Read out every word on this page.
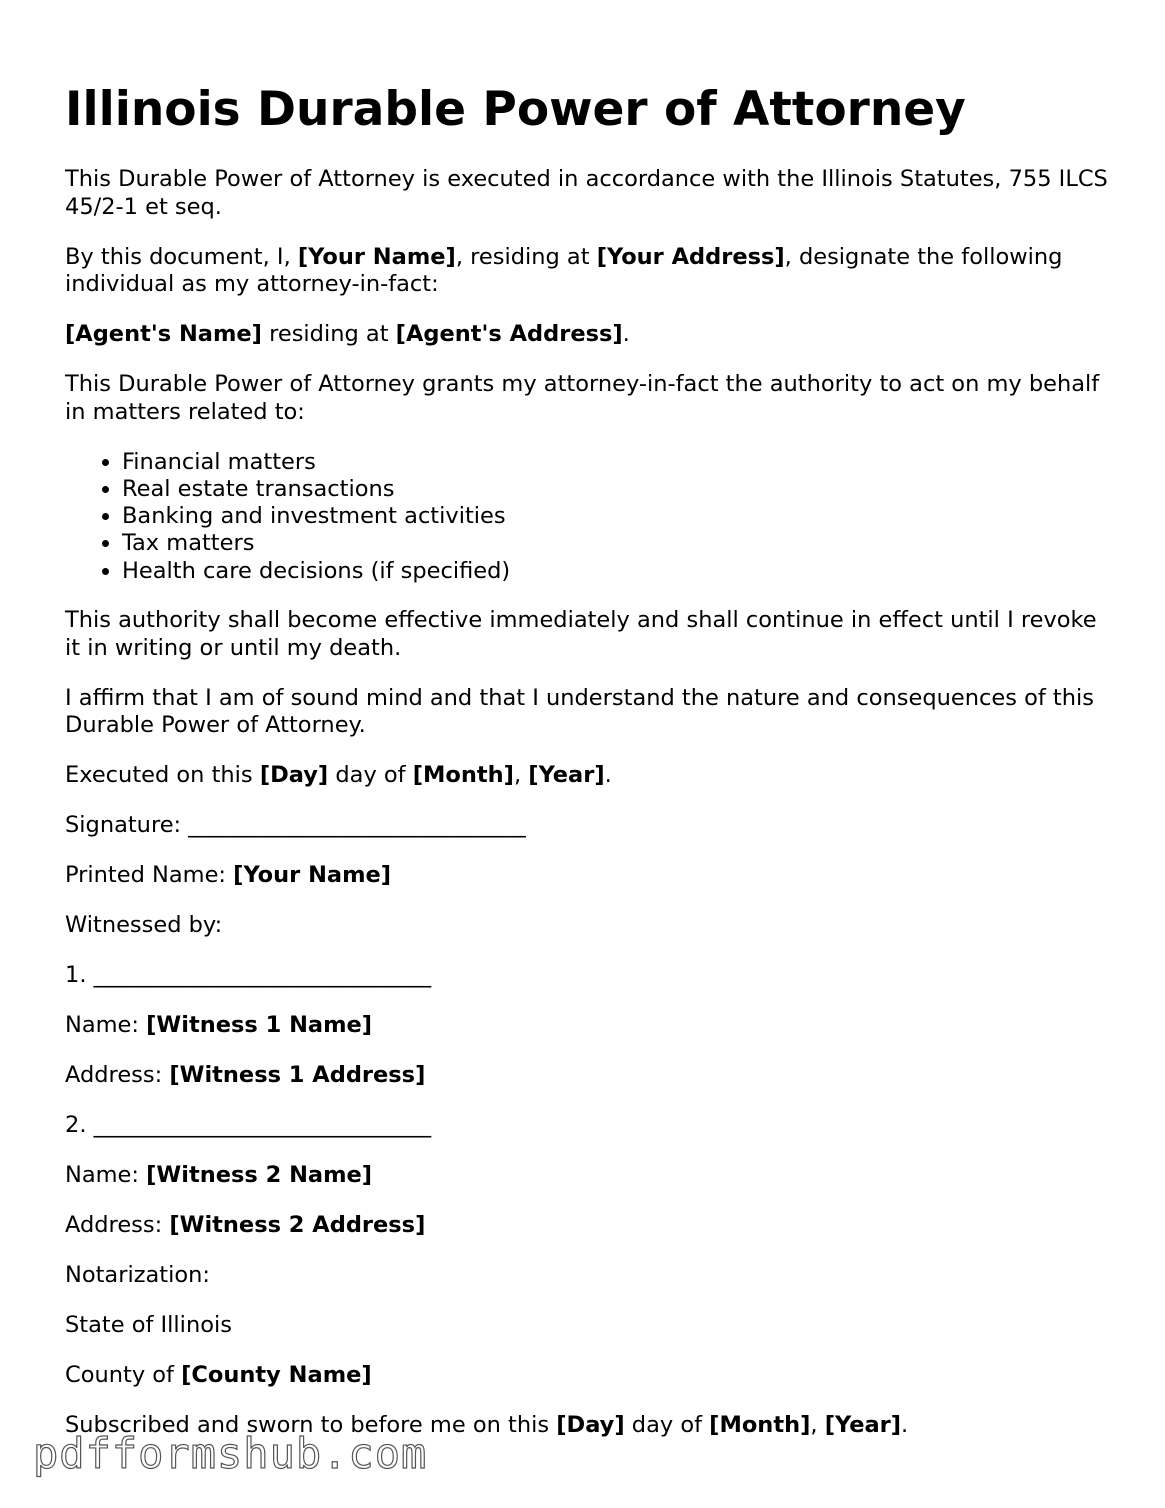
Illinois Durable Power of Attorney

This Durable Power of Attorney is executed in accordance with the Illinois Statutes, 755 ILCS 45/2-1 et seq.

By this document, I, [Your Name], residing at [Your Address], designate the following individual as my attorney-in-fact:

[Agent's Name] residing at [Agent's Address].

This Durable Power of Attorney grants my attorney-in-fact the authority to act on my behalf in matters related to:

• Financial matters
• Real estate transactions
• Banking and investment activities
• Tax matters
• Health care decisions (if specified)

This authority shall become effective immediately and shall continue in effect until I revoke it in writing or until my death.

I affirm that I am of sound mind and that I understand the nature and consequences of this Durable Power of Attorney.

Executed on this [Day] day of [Month], [Year].

Signature: ______________________________

Printed Name: [Your Name]

Witnessed by:

1. ______________________________

Name: [Witness 1 Name]

Address: [Witness 1 Address]

2. ______________________________

Name: [Witness 2 Name]

Address: [Witness 2 Address]

Notarization:

State of Illinois

County of [County Name]

Subscribed and sworn to before me on this [Day] day of [Month], [Year].

pdfformshub.com
